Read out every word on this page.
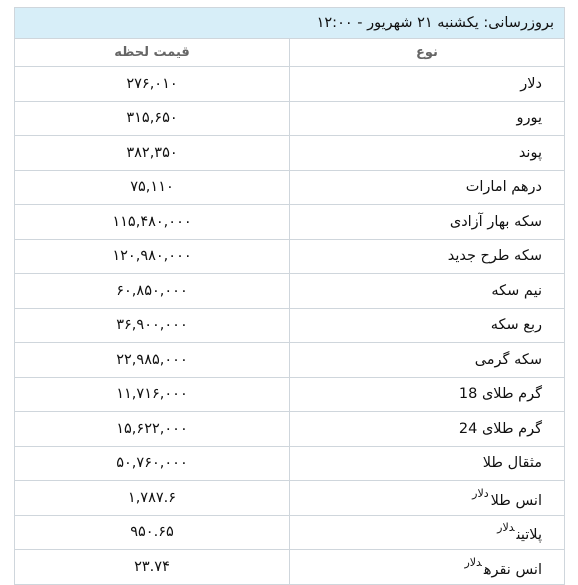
بروزرسانی: یکشنبه ۲۱ شهریور - ۱۲:۰۰	
نوع	قیمت لحظه
دلار	۲۷۶,۰۱۰
یورو	۳۱۵,۶۵۰
پوند	۳۸۲,۳۵۰
درهم امارات	۷۵,۱۱۰
سکه بهار آزادی	۱۱۵,۴۸۰,۰۰۰
سکه طرح جدید	۱۲۰,۹۸۰,۰۰۰
نیم سکه	۶۰,۸۵۰,۰۰۰
ربع سکه	۳۶,۹۰۰,۰۰۰
سکه گرمی	۲۲,۹۸۵,۰۰۰
گرم طلای 18	۱۱,۷۱۶,۰۰۰
گرم طلای 24	۱۵,۶۲۲,۰۰۰
مثقال طلا	۵۰,۷۶۰,۰۰۰
انس طلا$^{دلار}$	۱,۷۸۷.۶
پلاتین$^{دلار}$	۹۵۰.۶۵
انس نقره$^{دلار}$	۲۳.۷۴
